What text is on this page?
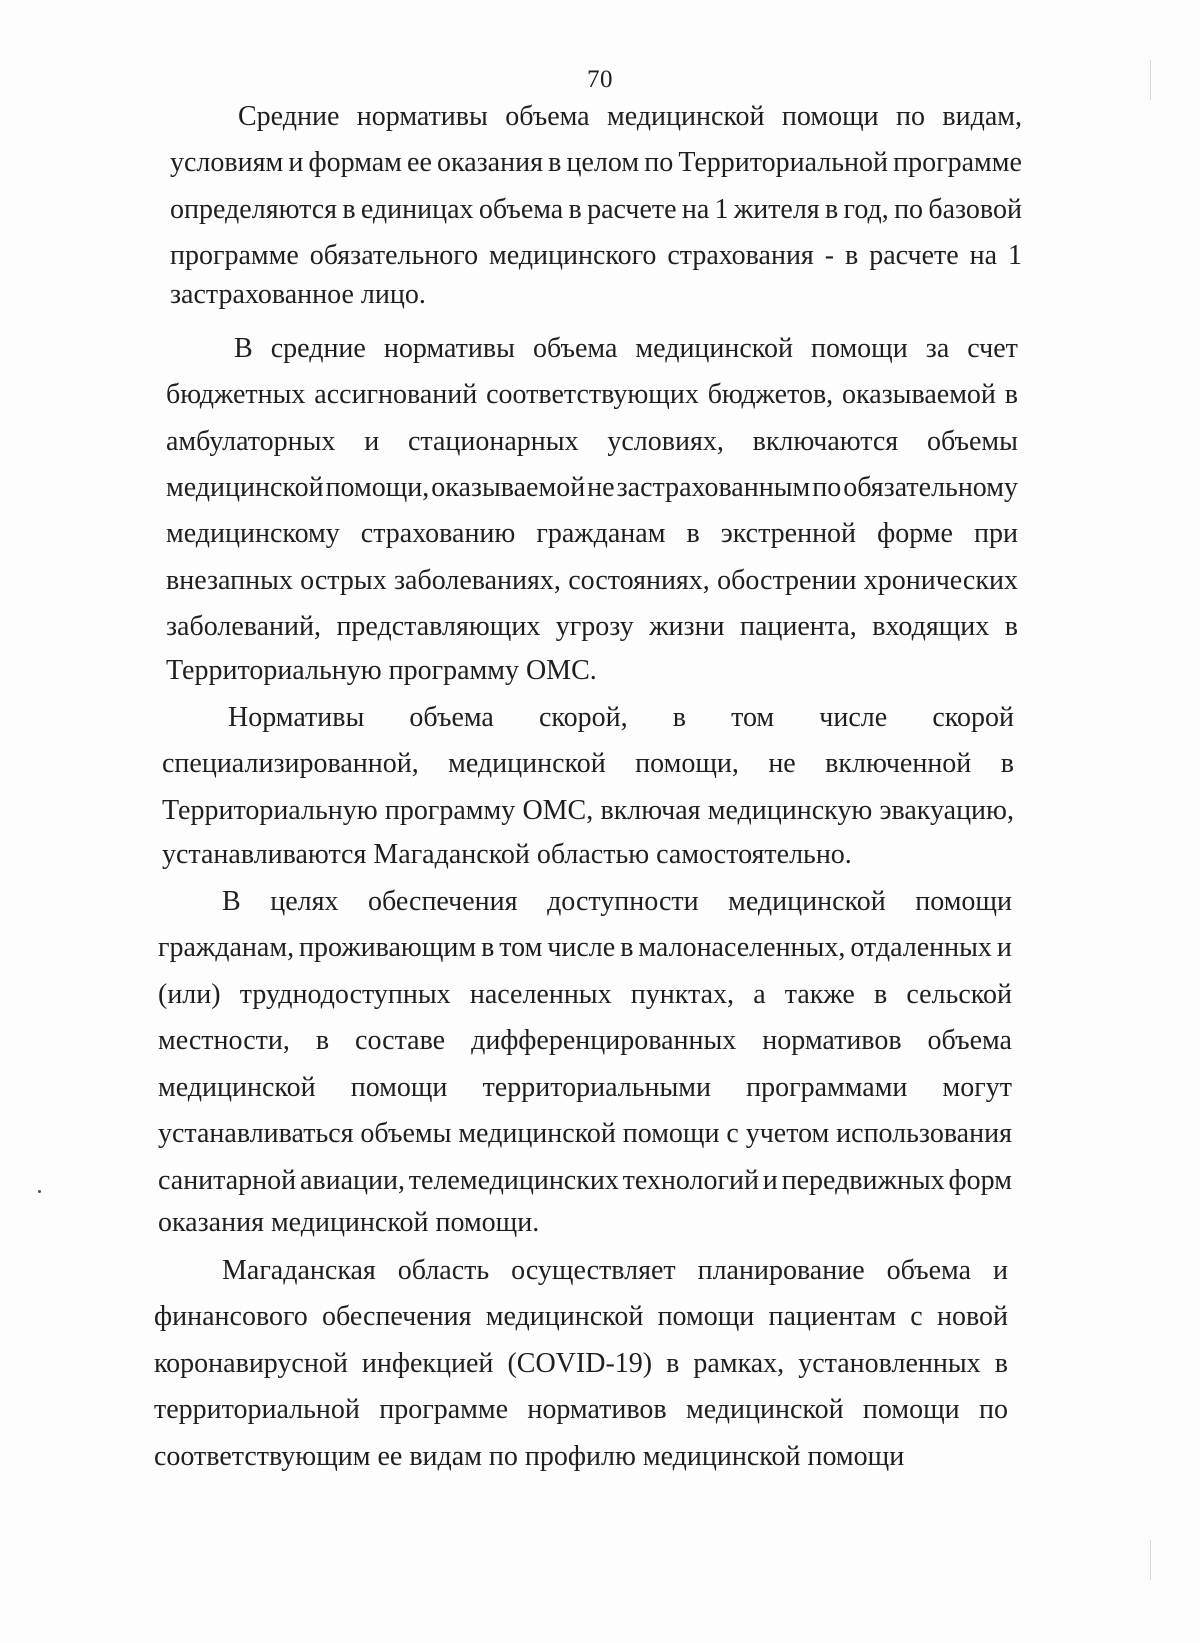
70
Средние нормативы объема медицинской помощи по видам,
условиям и формам ее оказания в целом по Территориальной программе
определяются в единицах объема в расчете на 1 жителя в год, по базовой
программе обязательного медицинского страхования - в расчете на 1
застрахованное лицо.
В средние нормативы объема медицинской помощи за счет
бюджетных ассигнований соответствующих бюджетов, оказываемой в
амбулаторных и стационарных условиях, включаются объемы
медицинской помощи, оказываемой не застрахованным по обязательному
медицинскому страхованию гражданам в экстренной форме при
внезапных острых заболеваниях, состояниях, обострении хронических
заболеваний, представляющих угрозу жизни пациента, входящих в
Территориальную программу ОМС.
Нормативы объема скорой, в том числе скорой
специализированной, медицинской помощи, не включенной в
Территориальную программу ОМС, включая медицинскую эвакуацию,
устанавливаются Магаданской областью самостоятельно.
В целях обеспечения доступности медицинской помощи
гражданам, проживающим в том числе в малонаселенных, отдаленных и
(или) труднодоступных населенных пунктах, а также в сельской
местности, в составе дифференцированных нормативов объема
медицинской помощи территориальными программами могут
устанавливаться объемы медицинской помощи с учетом использования
санитарной авиации, телемедицинских технологий и передвижных форм
оказания медицинской помощи.
Магаданская область осуществляет планирование объема и
финансового обеспечения медицинской помощи пациентам с новой
коронавирусной инфекцией (COVID-19) в рамках, установленных в
территориальной программе нормативов медицинской помощи по
соответствующим ее видам по профилю медицинской помощи
